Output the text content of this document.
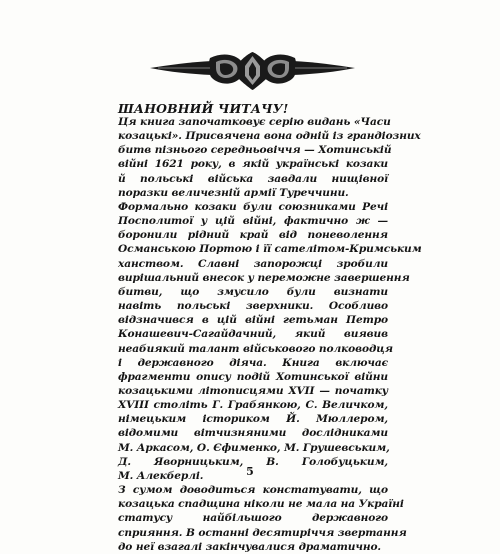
ШАНОВНИЙ ЧИТАЧУ!
Ця книга започатковує серію видань «Часи
козацькі». Присвячена вона одній із грандіозних
битв пізнього середньовіччя — Хотинській
війні 1621 року, в якій українські козаки
й польські війська завдали нищівної
поразки величезній армії Туреччини.
Формально козаки були союзниками Речі
Посполитої у цій війні, фактично ж —
боронили рідний край від поневолення
Османською Портою і її сателітом-Кримським
ханством. Славні запорожці зробили
вирішальний внесок у переможне завершення
битви, що змусило були визнати
навіть польські зверхники. Особливо
відзначився в цій війні гетьман Петро
Конашевич-Сагайдачний, який виявив
неабиякий талант військового полководця
і державного діяча. Книга включає
фрагменти опису подій Хотинської війни
козацькими літописцями XVII — початку
XVIII століть Г. Грабянкою, С. Величком,
німецьким істориком Й. Мюллером,
відомими вітчизняними дослідниками
М. Аркасом, О. Єфименко, М. Грушевським,
Д. Яворницьким, В. Голобуцьким,
М. Алекберлі.
З сумом доводиться констатувати, що
козацька спадщина ніколи не мала на Україні
статусу найбільшого державного
сприяння. В останні десятиріччя звертання
до неї взагалі закінчувалися драматично.
5
